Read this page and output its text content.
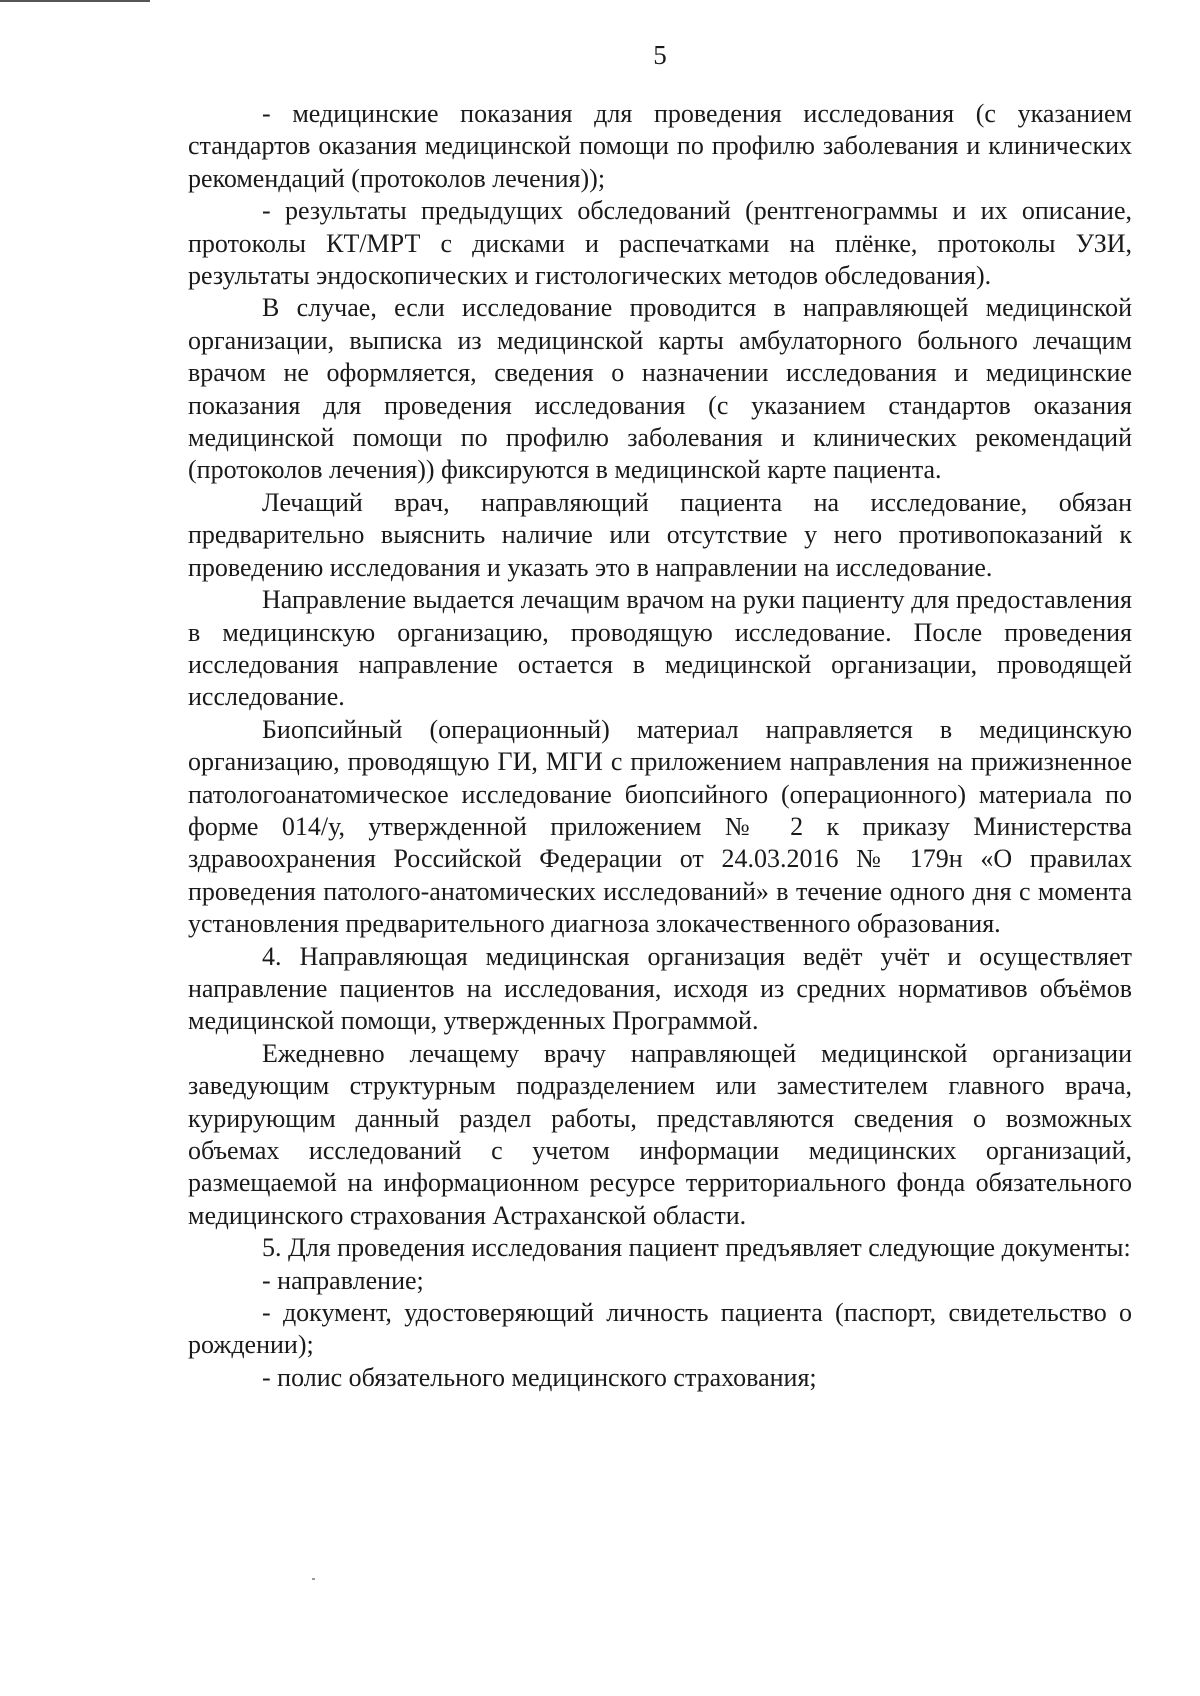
5

- медицинские показания для проведения исследования (с указанием стандартов оказания медицинской помощи по профилю заболевания и клинических рекомендаций (протоколов лечения));

- результаты предыдущих обследований (рентгенограммы и их описание, протоколы КТ/МРТ с дисками и распечатками на плёнке, протоколы УЗИ, результаты эндоскопических и гистологических методов обследования).

В случае, если исследование проводится в направляющей медицинской организации, выписка из медицинской карты амбулаторного больного лечащим врачом не оформляется, сведения о назначении исследования и медицинские показания для проведения исследования (с указанием стандартов оказания медицинской помощи по профилю заболевания и клинических рекомендаций (протоколов лечения)) фиксируются в медицинской карте пациента.

Лечащий врач, направляющий пациента на исследование, обязан предварительно выяснить наличие или отсутствие у него противопоказаний к проведению исследования и указать это в направлении на исследование.

Направление выдается лечащим врачом на руки пациенту для предоставления в медицинскую организацию, проводящую исследование. После проведения исследования направление остается в медицинской организации, проводящей исследование.

Биопсийный (операционный) материал направляется в медицинскую организацию, проводящую ГИ, МГИ с приложением направления на прижизненное патологоанатомическое исследование биопсийного (операционного) материала по форме 014/у, утвержденной приложением № 2 к приказу Министерства здравоохранения Российской Федерации от 24.03.2016 № 179н «О правилах проведения патолого-анатомических исследований» в течение одного дня с момента установления предварительного диагноза злокачественного образования.

4. Направляющая медицинская организация ведёт учёт и осуществляет направление пациентов на исследования, исходя из средних нормативов объёмов медицинской помощи, утвержденных Программой.

Ежедневно лечащему врачу направляющей медицинской организации заведующим структурным подразделением или заместителем главного врача, курирующим данный раздел работы, представляются сведения о возможных объемах исследований с учетом информации медицинских организаций, размещаемой на информационном ресурсе территориального фонда обязательного медицинского страхования Астраханской области.

5. Для проведения исследования пациент предъявляет следующие документы:

- направление;

- документ, удостоверяющий личность пациента (паспорт, свидетельство о рождении);

- полис обязательного медицинского страхования;
